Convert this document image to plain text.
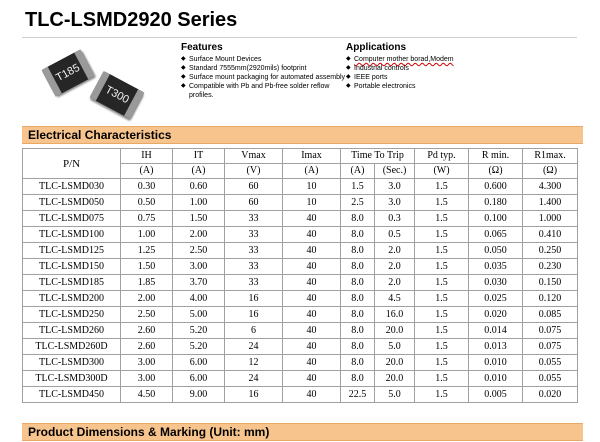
TLC-LSMD2920 Series
T185
T300
Features
◆ Surface Mount Devices
◆ Standard 7555mm(2920mils) footprint
◆ Surface mount packaging for automated assembly
◆ Compatible with Pb and Pb-free solder reflow profiles.
Applications
◆ Computer mother borad,Modem
◆ Industrial controls
◆ IEEE ports
◆ Portable electronics
Electrical Characteristics
P/N	IH	IT	Vmax	Imax	Time To Trip		Pd typ.	R min.	R1max.
	(A)	(A)	(V)	(A)	(A)	(Sec.)	(W)	(Ω)	(Ω)
TLC-LSMD030	0.30	0.60	60	10	1.5	3.0	1.5	0.600	4.300
TLC-LSMD050	0.50	1.00	60	10	2.5	3.0	1.5	0.180	1.400
TLC-LSMD075	0.75	1.50	33	40	8.0	0.3	1.5	0.100	1.000
TLC-LSMD100	1.00	2.00	33	40	8.0	0.5	1.5	0.065	0.410
TLC-LSMD125	1.25	2.50	33	40	8.0	2.0	1.5	0.050	0.250
TLC-LSMD150	1.50	3.00	33	40	8.0	2.0	1.5	0.035	0.230
TLC-LSMD185	1.85	3.70	33	40	8.0	2.0	1.5	0.030	0.150
TLC-LSMD200	2.00	4.00	16	40	8.0	4.5	1.5	0.025	0.120
TLC-LSMD250	2.50	5.00	16	40	8.0	16.0	1.5	0.020	0.085
TLC-LSMD260	2.60	5.20	6	40	8.0	20.0	1.5	0.014	0.075
TLC-LSMD260D	2.60	5.20	24	40	8.0	5.0	1.5	0.013	0.075
TLC-LSMD300	3.00	6.00	12	40	8.0	20.0	1.5	0.010	0.055
TLC-LSMD300D	3.00	6.00	24	40	8.0	20.0	1.5	0.010	0.055
TLC-LSMD450	4.50	9.00	16	40	22.5	5.0	1.5	0.005	0.020
Product Dimensions & Marking (Unit: mm)
